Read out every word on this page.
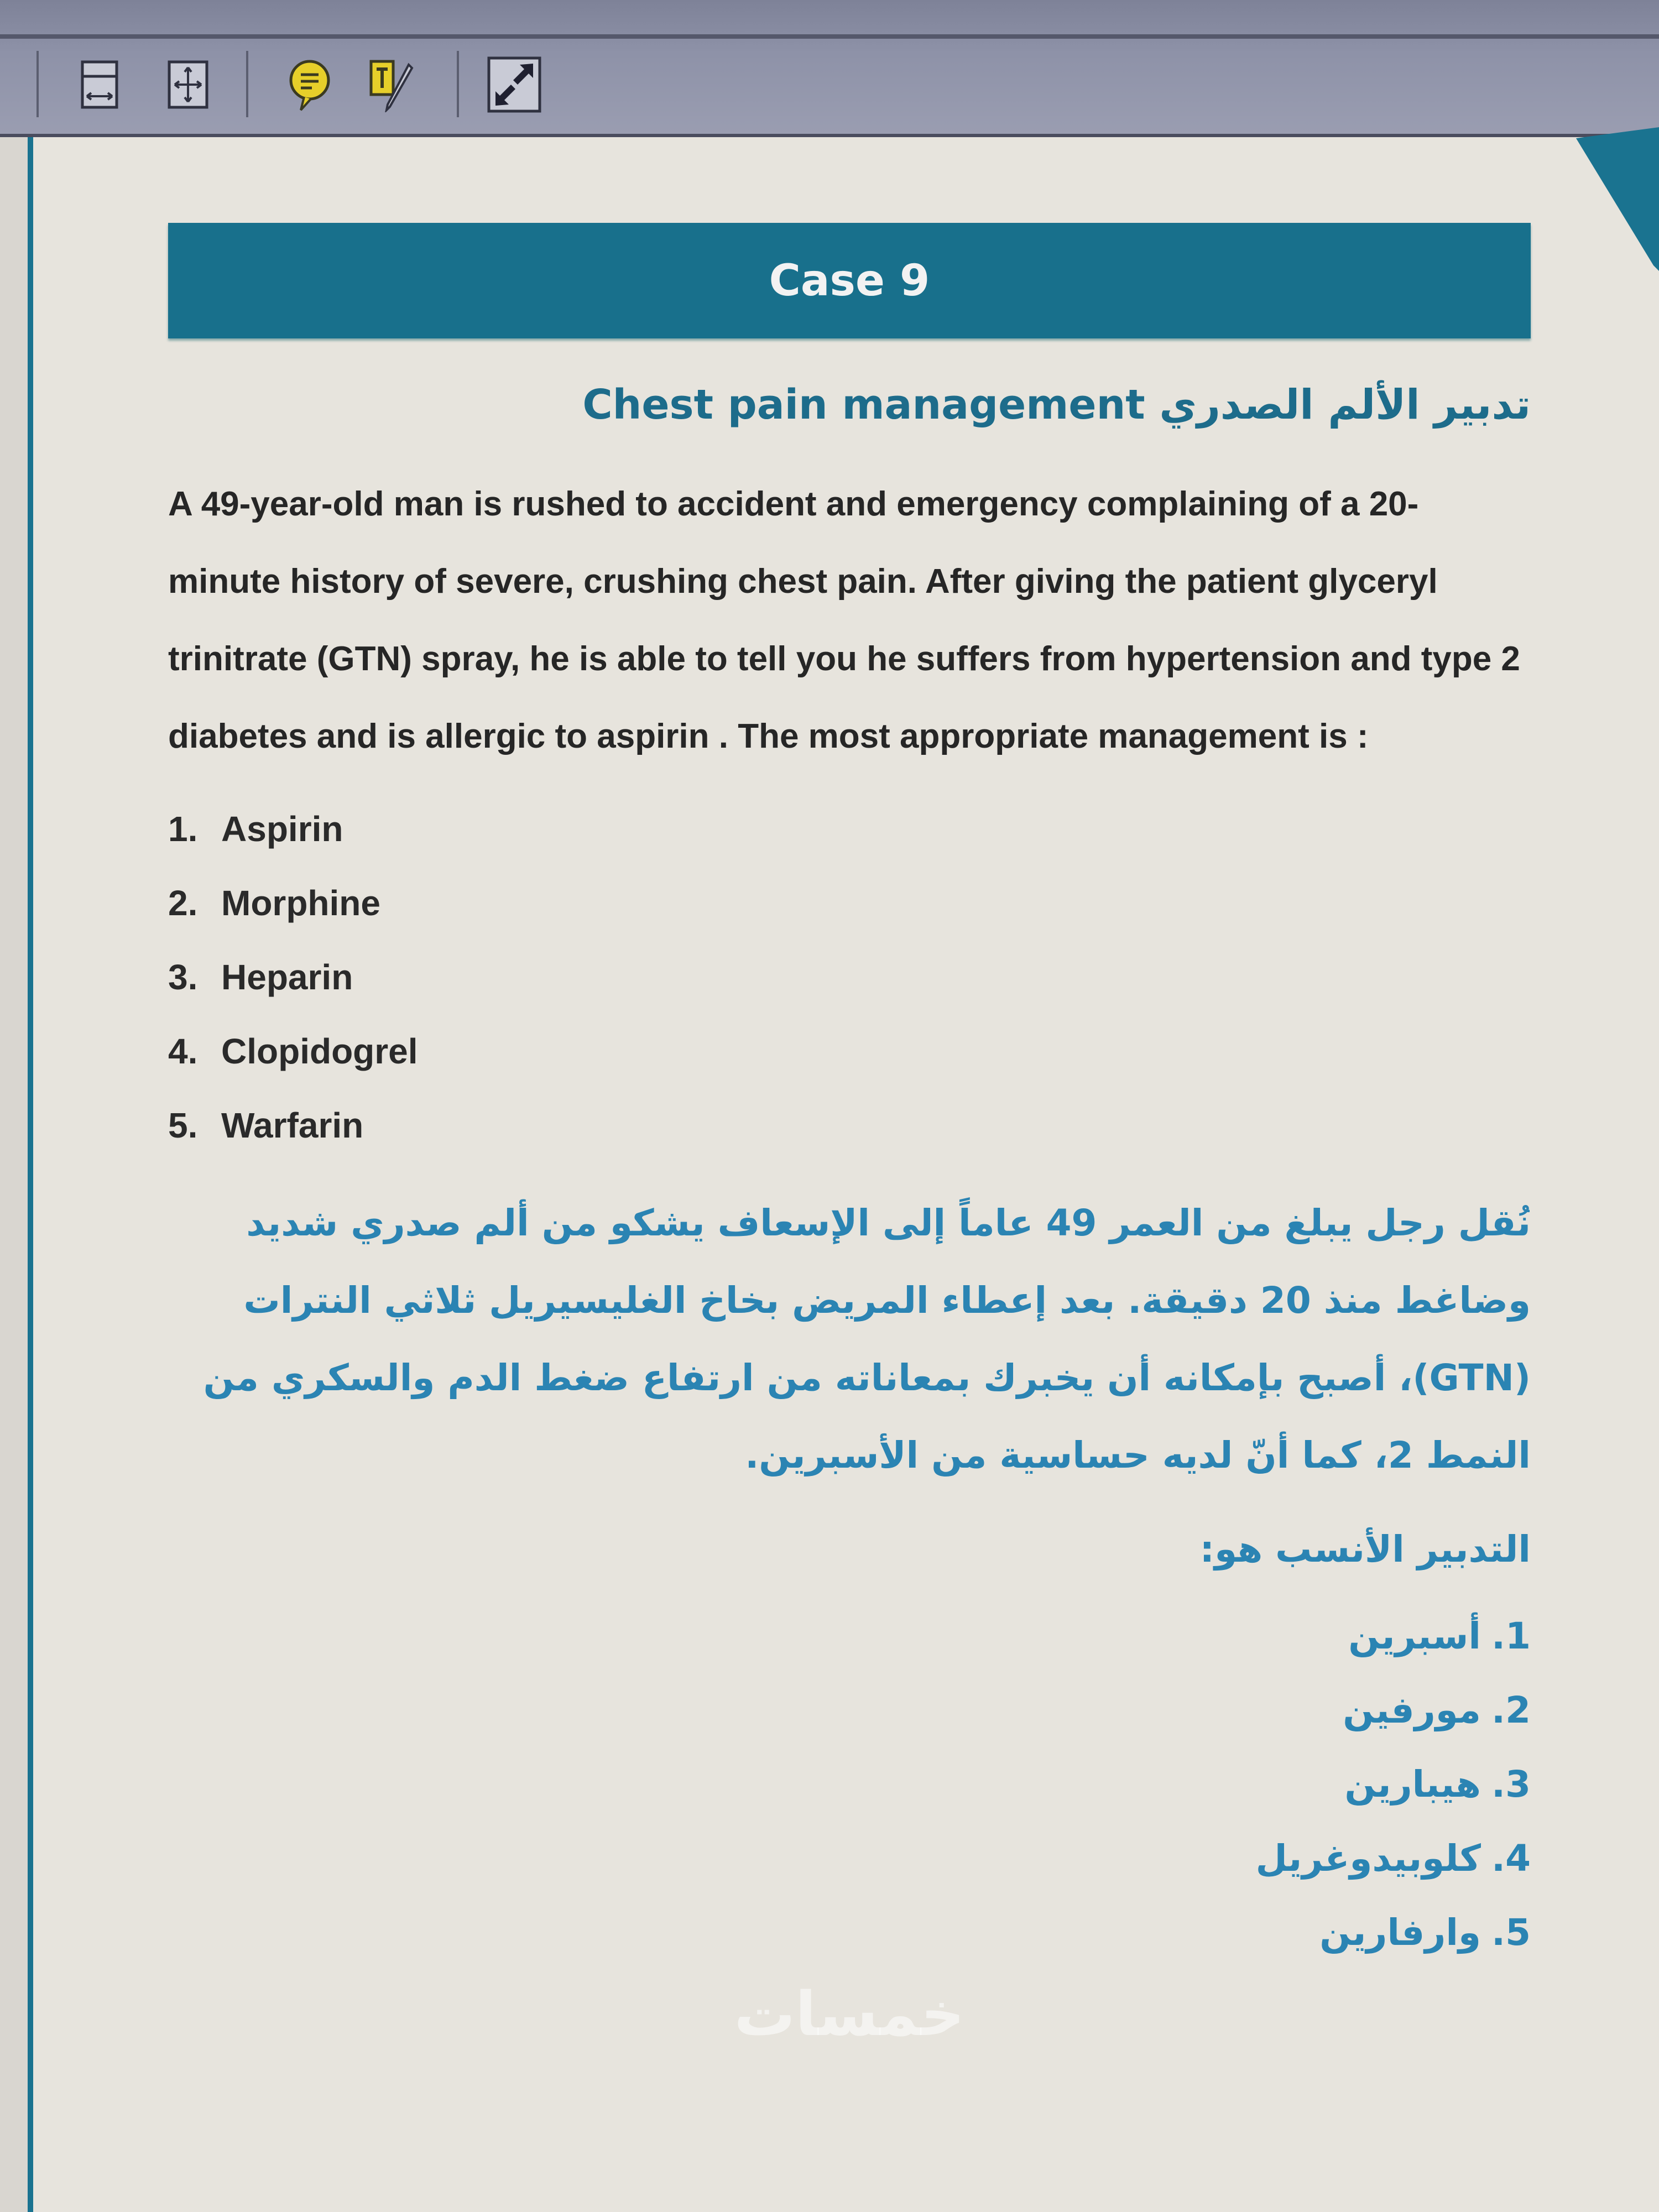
Case 9
تدبير الألم الصدري Chest pain management
A 49-year-old man is rushed to accident and emergency complaining of a 20-minute history of severe, crushing chest pain. After giving the patient glyceryl trinitrate (GTN) spray, he is able to tell you he suffers from hypertension and type 2 diabetes and is allergic to aspirin . The most appropriate management is :
1. Aspirin
2. Morphine
3. Heparin
4. Clopidogrel
5. Warfarin
نُقل رجل يبلغ من العمر 49 عاماً إلى الإسعاف يشكو من ألم صدري شديد وضاغط منذ 20 دقيقة. بعد إعطاء المريض بخاخ الغليسيريل ثلاثي النترات (GTN)، أصبح بإمكانه أن يخبرك بمعاناته من ارتفاع ضغط الدم والسكري من النمط 2، كما أنّ لديه حساسية من الأسبرين.
التدبير الأنسب هو:
1.أسبرين
2.مورفين
3.هيبارين
4.كلوبيدوغريل
5.وارفارين
خمسات
